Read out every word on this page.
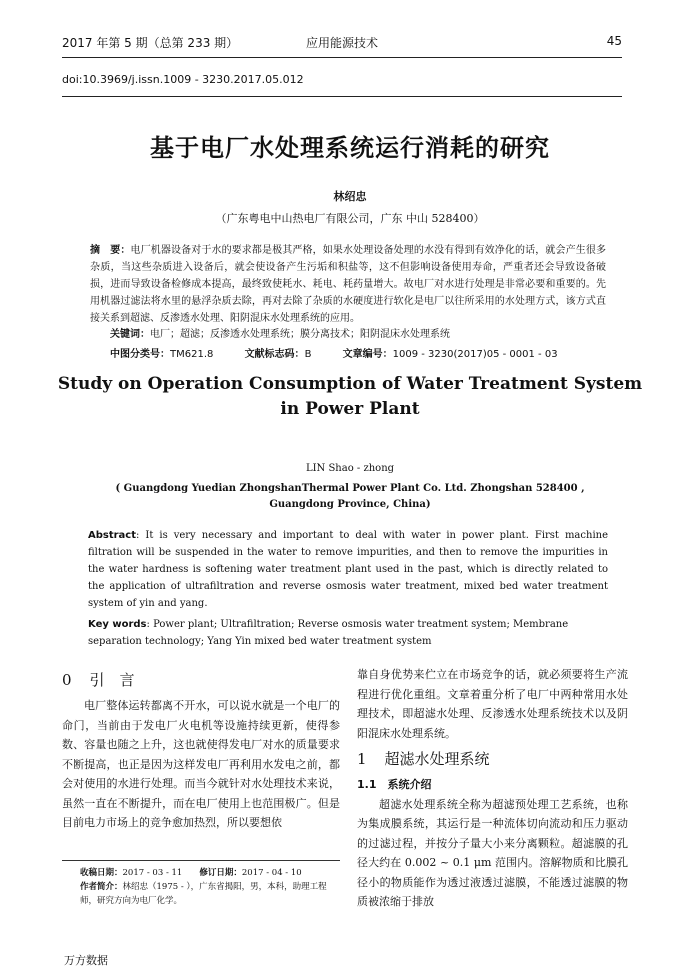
2017 年第 5 期（总第 233 期）	应用能源技术	45
doi:10.3969/j.issn.1009 - 3230.2017.05.012
基于电厂水处理系统运行消耗的研究
林绍忠
（广东粤电中山热电厂有限公司，广东 中山 528400）
摘　要：电厂机器设备对于水的要求都是极其严格，如果水处理设备处理的水没有得到有效净化的话，就会产生很多杂质，当这些杂质进入设备后，就会使设备产生污垢和积盐等，这不但影响设备使用寿命，严重者还会导致设备破损，进而导致设备检修成本提高，最终致使耗水、耗电、耗药量增大。故电厂对水进行处理是非常必要和重要的。先用机器过滤法将水里的悬浮杂质去除，再对去除了杂质的水硬度进行软化是电厂以往所采用的水处理方式，该方式直接关系到超滤、反渗透水处理、阳阴混床水处理系统的应用。
关键词：电厂；超滤；反渗透水处理系统；膜分离技术；阳阴混床水处理系统
中图分类号：TM621.8	文献标志码：B	文章编号：1009 - 3230(2017)05 - 0001 - 03
Study on Operation Consumption of Water Treatment System
in Power Plant
LIN Shao - zhong
( Guangdong Yuedian ZhongshanThermal Power Plant Co. Ltd. Zhongshan 528400 ,
Guangdong Province, China)
Abstract: It is very necessary and important to deal with water in power plant. First machine filtration will be suspended in the water to remove impurities, and then to remove the impurities in the water hardness is softening water treatment plant used in the past, which is directly related to the application of ultrafiltration and reverse osmosis water treatment, mixed bed water treatment system of yin and yang.
Key words: Power plant; Ultrafiltration; Reverse osmosis water treatment system; Membrane separation technology; Yang Yin mixed bed water treatment system
0 引　言

电厂整体运转都离不开水，可以说水就是一个电厂的命门，当前由于发电厂火电机等设施持续更新，使得参数、容量也随之上升，这也就使得发电厂对水的质量要求不断提高，也正是因为这样发电厂再利用水发电之前，都会对使用的水进行处理。而当今就针对水处理技术来说，虽然一直在不断提升，而在电厂使用上也范围极广。但是目前电力市场上的竞争愈加热烈，所以要想依

靠自身优势来伫立在市场竞争的话，就必须要将生产流程进行优化重组。文章着重分析了电厂中两种常用水处理技术，即超滤水处理、反渗透水处理系统技术以及阴阳混床水处理系统。

1 超滤水处理系统

1.1　 系统介绍

超滤水处理系统全称为超滤预处理工艺系统，也称为集成膜系统，其运行是一种流体切向流动和压力驱动的过滤过程，并按分子量大小来分离颗粒。超滤膜的孔径大约在 0.002 ~ 0.1 μm 范围内。溶解物质和比膜孔径小的物质能作为透过液透过滤膜，不能透过滤膜的物质被浓缩于排放

收稿日期：2017 - 03 - 11　　 修订日期：2017 - 04 - 10
作者简介：林绍忠（1975 - ），广东省揭阳，男，本科，助理工程师，研究方向为电厂化学。
万方数据
